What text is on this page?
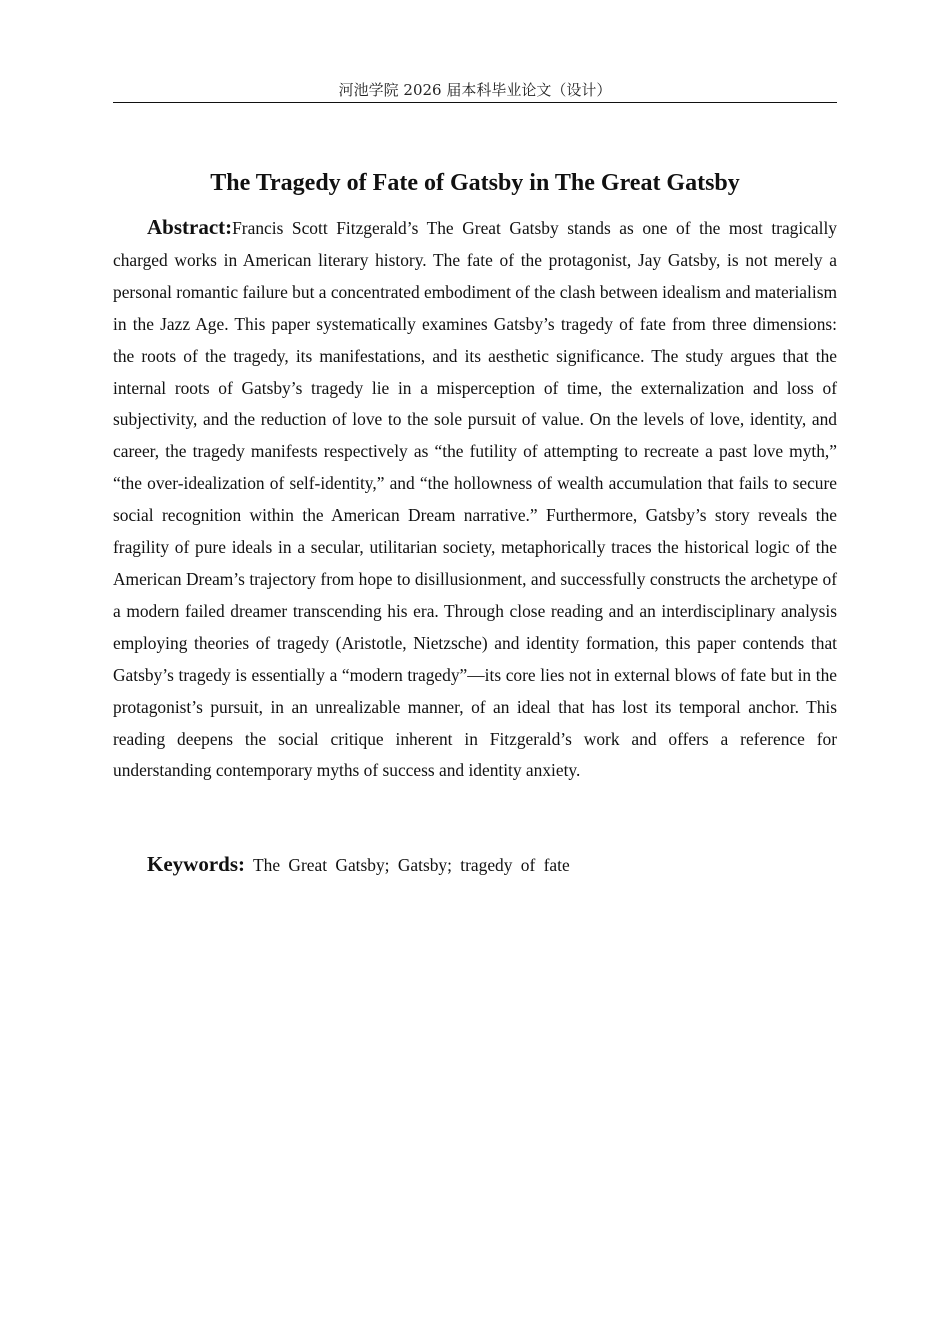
河池学院 2026 届本科毕业论文（设计）
The Tragedy of Fate of Gatsby in The Great Gatsby

Abstract:Francis Scott Fitzgerald’s The Great Gatsby stands as one of the most tragically charged works in American literary history. The fate of the protagonist, Jay Gatsby, is not merely a personal romantic failure but a concentrated embodiment of the clash between idealism and materialism in the Jazz Age. This paper systematically examines Gatsby’s tragedy of fate from three dimensions: the roots of the tragedy, its manifestations, and its aesthetic significance. The study argues that the internal roots of Gatsby’s tragedy lie in a misperception of time, the externalization and loss of subjectivity, and the reduction of love to the sole pursuit of value. On the levels of love, identity, and career, the tragedy manifests respectively as “the futility of attempting to recreate a past love myth,” “the over-idealization of self-identity,” and “the hollowness of wealth accumulation that fails to secure social recognition within the American Dream narrative.” Furthermore, Gatsby’s story reveals the fragility of pure ideals in a secular, utilitarian society, metaphorically traces the historical logic of the American Dream’s trajectory from hope to disillusionment, and successfully constructs the archetype of a modern failed dreamer transcending his era. Through close reading and an interdisciplinary analysis employing theories of tragedy (Aristotle, Nietzsche) and identity formation, this paper contends that Gatsby’s tragedy is essentially a “modern tragedy”—its core lies not in external blows of fate but in the protagonist’s pursuit, in an unrealizable manner, of an ideal that has lost its temporal anchor. This reading deepens the social critique inherent in Fitzgerald’s work and offers a reference for understanding contemporary myths of success and identity anxiety.

Keywords: The Great Gatsby; Gatsby; tragedy of fate
